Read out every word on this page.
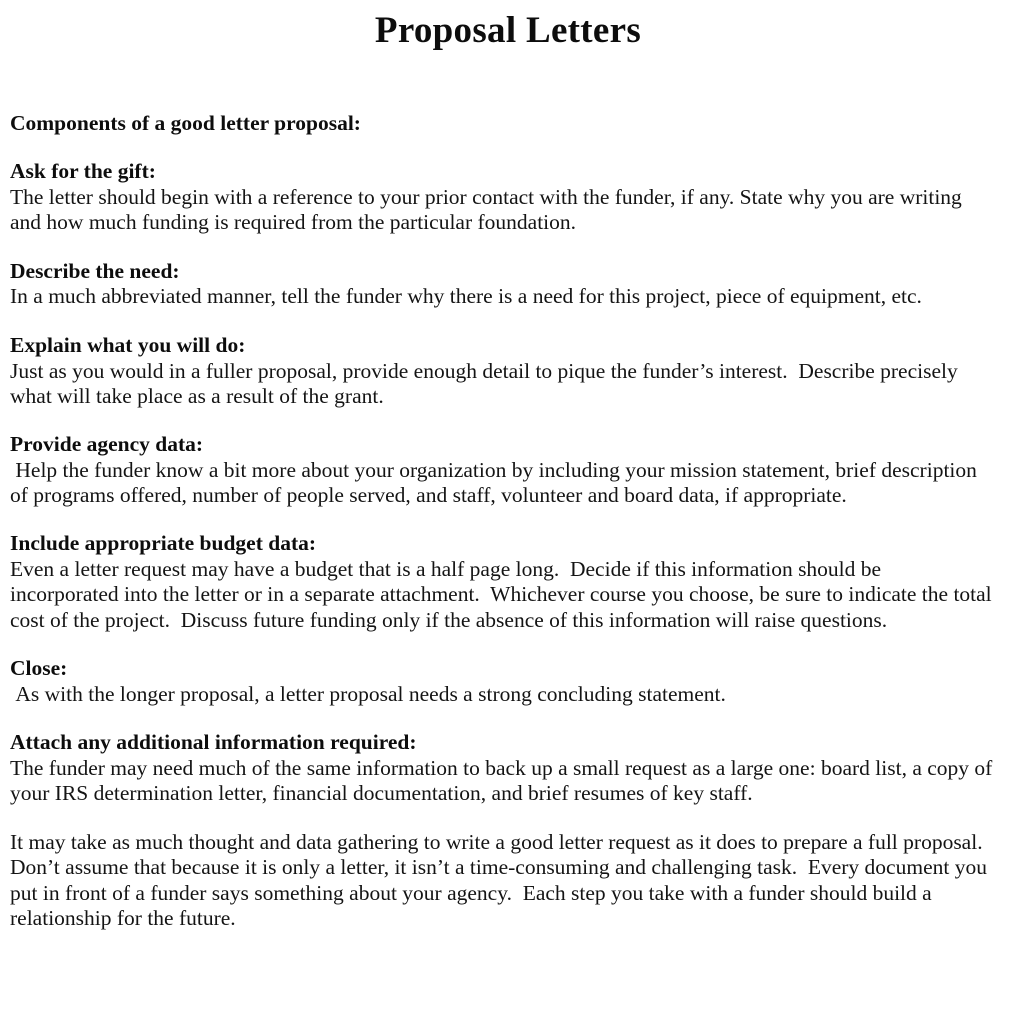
Proposal Letters
Components of a good letter proposal:
Ask for the gift:
The letter should begin with a reference to your prior contact with the funder, if any. State why you are writing and how much funding is required from the particular foundation.
Describe the need:
In a much abbreviated manner, tell the funder why there is a need for this project, piece of equipment, etc.
Explain what you will do:
Just as you would in a fuller proposal, provide enough detail to pique the funder’s interest.  Describe precisely what will take place as a result of the grant.
Provide agency data:
Help the funder know a bit more about your organization by including your mission statement, brief description of programs offered, number of people served, and staff, volunteer and board data, if appropriate.
Include appropriate budget data:
Even a letter request may have a budget that is a half page long.  Decide if this information should be incorporated into the letter or in a separate attachment.  Whichever course you choose, be sure to indicate the total cost of the project.  Discuss future funding only if the absence of this information will raise questions.
Close:
As with the longer proposal, a letter proposal needs a strong concluding statement.
Attach any additional information required:
The funder may need much of the same information to back up a small request as a large one: board list, a copy of your IRS determination letter, financial documentation, and brief resumes of key staff.
It may take as much thought and data gathering to write a good letter request as it does to prepare a full proposal.  Don’t assume that because it is only a letter, it isn’t a time-consuming and challenging task.  Every document you put in front of a funder says something about your agency.  Each step you take with a funder should build a relationship for the future.
